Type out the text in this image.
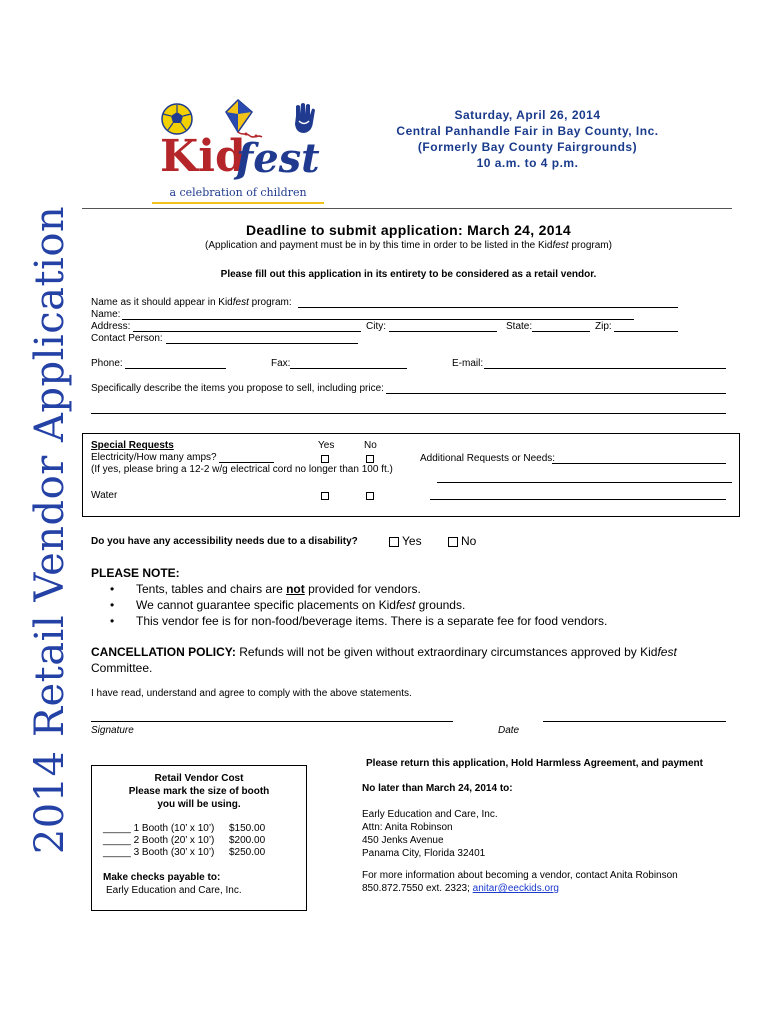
2014 Retail Vendor Application
Kid
fest
a celebration of children
Saturday, April 26, 2014
Central Panhandle Fair in Bay County, Inc.
(Formerly Bay County Fairgrounds)
10 a.m. to 4 p.m.
Deadline to submit application: March 24, 2014
(Application and payment must be in by this time in order to be listed in the Kidfest program)
Please fill out this application in its entirety to be considered as a retail vendor.
Name as it should appear in Kidfest program:
Name:
Address:	City:	State:	Zip:
Contact Person:
Phone:	Fax:	E-mail:
Specifically describe the items you propose to sell, including price:
Special Requests	Yes	No
Electricity/How many amps?
(If yes, please bring a 12-2 w/g electrical cord no longer than 100 ft.)
Additional Requests or Needs:
Water
Do you have any accessibility needs due to a disability?	Yes	No
PLEASE NOTE:
• Tents, tables and chairs are not provided for vendors.
• We cannot guarantee specific placements on Kidfest grounds.
• This vendor fee is for non-food/beverage items. There is a separate fee for food vendors.
CANCELLATION POLICY: Refunds will not be given without extraordinary circumstances approved by Kidfest
Committee.
I have read, understand and agree to comply with the above statements.
Signature	Date
Retail Vendor Cost
Please mark the size of booth
you will be using.
_____ 1 Booth (10’ x 10’) $150.00
_____ 2 Booth (20’ x 10’) $200.00
_____ 3 Booth (30’ x 10’) $250.00
Make checks payable to:
Early Education and Care, Inc.
Please return this application, Hold Harmless Agreement, and payment
No later than March 24, 2014 to:
Early Education and Care, Inc.
Attn: Anita Robinson
450 Jenks Avenue
Panama City, Florida 32401
For more information about becoming a vendor, contact Anita Robinson
850.872.7550 ext. 2323; anitar@eeckids.org
